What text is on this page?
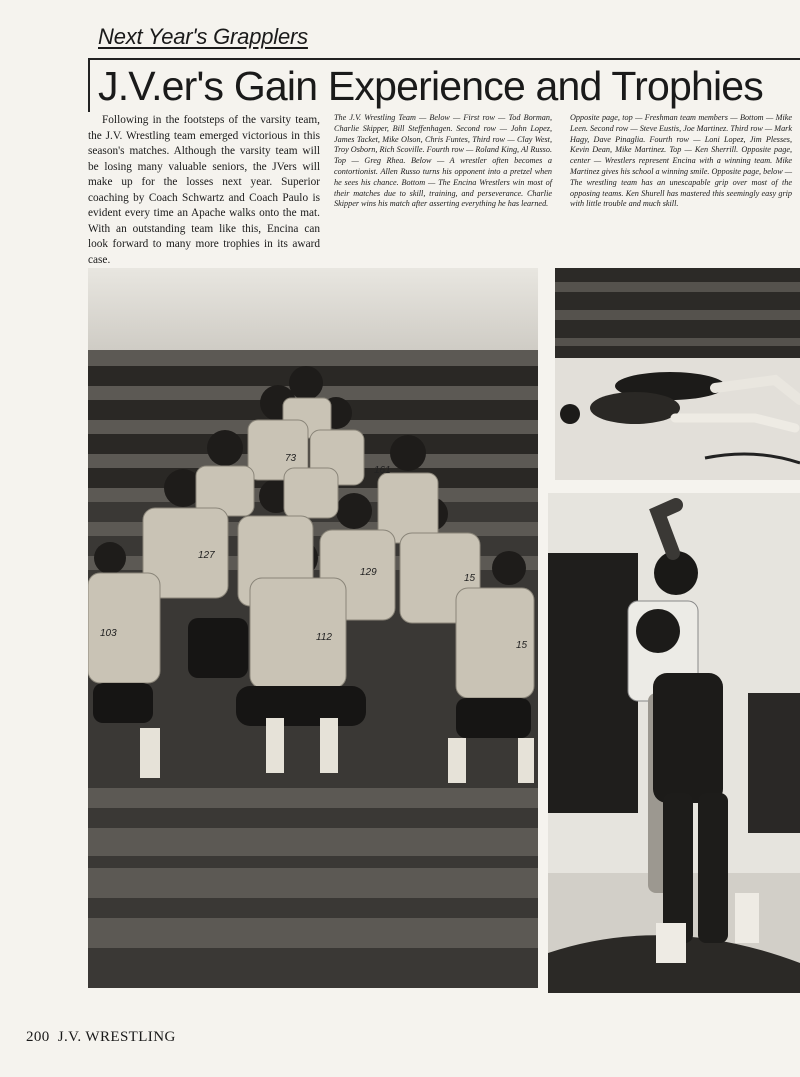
Next Year's Grapplers
J.V.er's Gain Experience and Trophies

Following in the footsteps of the varsity team, the J.V. Wrestling team emerged victorious in this season's matches. Although the varsity team will be losing many valuable seniors, the JVers will make up for the losses next year. Superior coaching by Coach Schwartz and Coach Paulo is evident every time an Apache walks onto the mat. With an outstanding team like this, Encina can look forward to many more trophies in its award case.

The J.V. Wrestling Team — Below — First row — Tod Borman, Charlie Skipper, Bill Steffenhagen. Second row — John Lopez, James Tacket, Mike Olson, Chris Funtes, Third row — Clay West, Troy Osborn, Rich Scoville. Fourth row — Roland King, Al Russo. Top — Greg Rhea. Below — A wrestler often becomes a contortionist. Allen Russo turns his opponent into a pretzel when he sees his chance. Bottom — The Encina Wrestlers win most of their matches due to skill, training, and perseverance. Charlie Skipper wins his match after asserting everything he has learned.

Opposite page, top — Freshman team members — Bottom — Mike Leen. Second row — Steve Eustis, Joe Martinez. Third row — Mark Hagy, Dave Pinaglia. Fourth row — Loni Lopez, Jim Plesses, Kevin Dean, Mike Martinez. Top — Ken Sherrill. Opposite page, center — Wrestlers represent Encina with a winning team. Mike Martinez gives his school a winning smile. Opposite page, below — The wrestling team has an unescapable grip over most of the opposing teams. Ken Shurell has mastered this seemingly easy grip with little trouble and much skill.

103
127
112
129
15
161
73
15
200 J.V. WRESTLING
